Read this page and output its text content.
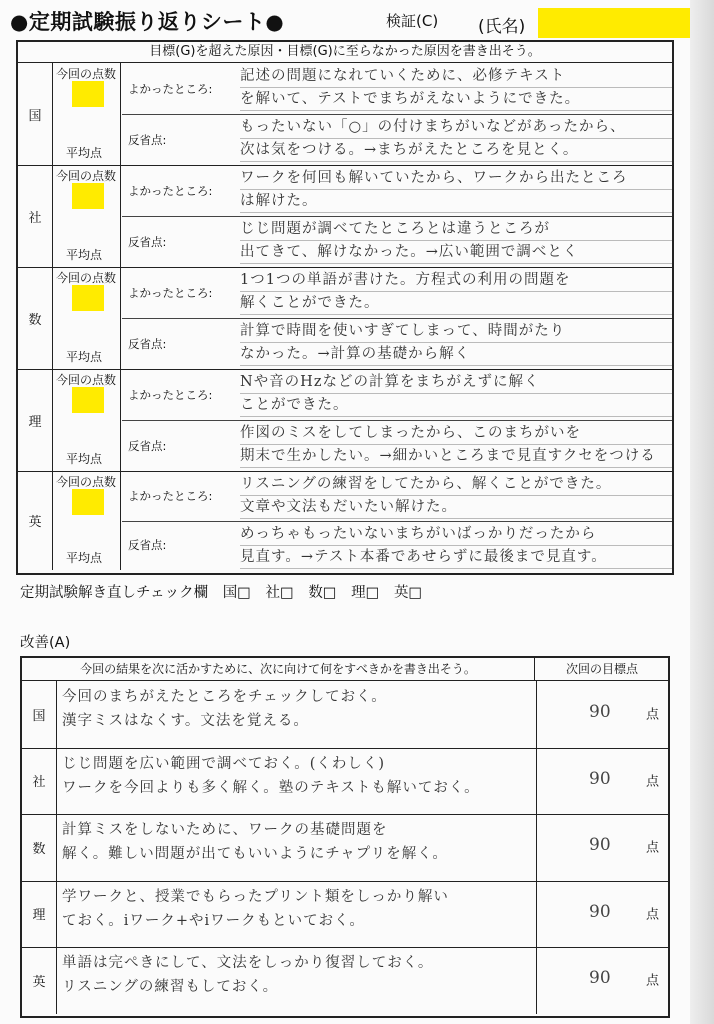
●定期試験振り返りシート●	検証(C) (氏名)
目標(G)を超えた原因・目標(G)に至らなかった原因を書き出そう。
国
今回の点数
平均点
よかったところ:
記述の問題になれていくために、必修テキスト
を解いて、テストでまちがえないようにできた。
反省点:
もったいない「○」の付けまちがいなどがあったから、
次は気をつける。→まちがえたところを見とく。
社
今回の点数
平均点
よかったところ:
ワークを何回も解いていたから、ワークから出たところ
は解けた。
反省点:
じじ問題が調べてたところとは違うところが
出てきて、解けなかった。→広い範囲で調べとく
数
今回の点数
平均点
よかったところ:
1つ1つの単語が書けた。方程式の利用の問題を
解くことができた。
反省点:
計算で時間を使いすぎてしまって、時間がたり
なかった。→計算の基礎から解く
理
今回の点数
平均点
よかったところ:
Nや音のHzなどの計算をまちがえずに解く
ことができた。
反省点:
作図のミスをしてしまったから、このまちがいを
期末で生かしたい。→細かいところまで見直すクセをつける
英
今回の点数
平均点
よかったところ:
リスニングの練習をしてたから、解くことができた。
文章や文法もだいたい解けた。
反省点:
めっちゃもったいないまちがいばっかりだったから
見直す。→テスト本番であせらずに最後まで見直す。
定期試験解き直しチェック欄 国□ 社□ 数□ 理□ 英□
改善(A)
今回の結果を次に活かすために、次に向けて何をすべきかを書き出そう。	次回の目標点
国
今回のまちがえたところをチェックしておく。
漢字ミスはなくす。文法を覚える。	90	点
社
じじ問題を広い範囲で調べておく。(くわしく)
ワークを今回よりも多く解く。塾のテキストも解いておく。	90	点
数
計算ミスをしないために、ワークの基礎問題を
解く。難しい問題が出てもいいようにチャプリを解く。	90	点
理
学ワークと、授業でもらったプリント類をしっかり解い
ておく。iワーク+やiワークもといておく。	90	点
英
単語は完ぺきにして、文法をしっかり復習しておく。
リスニングの練習もしておく。	90	点
